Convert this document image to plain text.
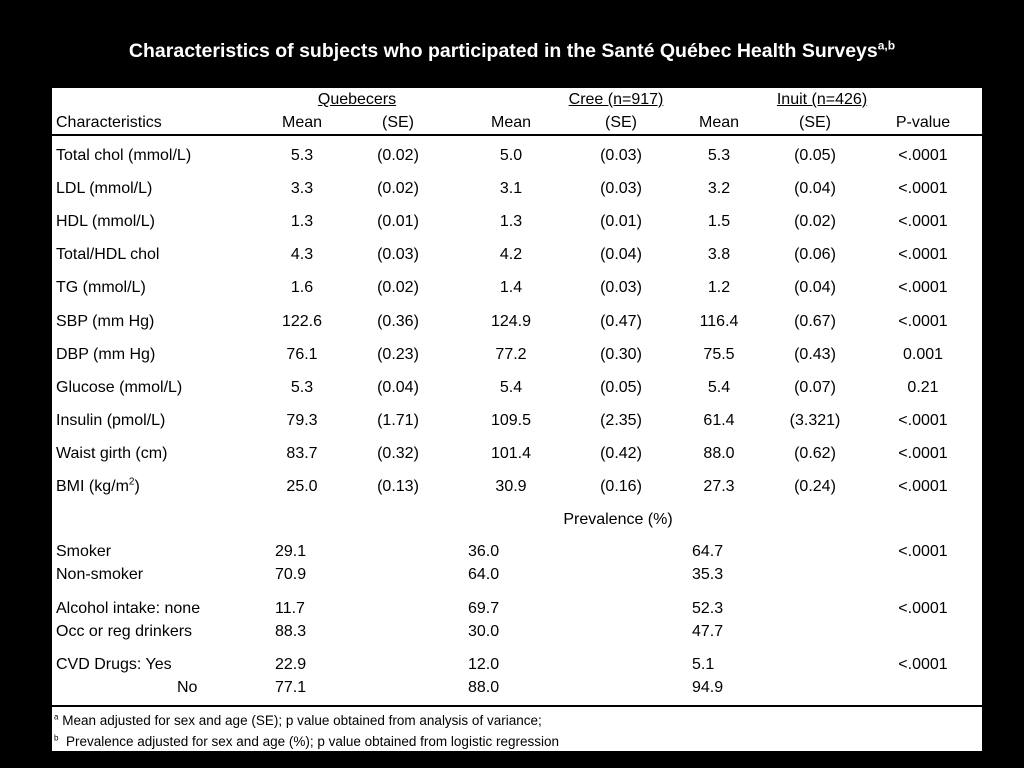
Characteristics of subjects who participated in the Santé Québec Health Surveys$^{a,b}$
Quebecers	Cree (n=917)	Inuit (n=426)
Characteristics	Mean	(SE)	Mean	(SE)	Mean	(SE)	P-value
Total chol (mmol/L)	5.3	(0.02)	5.0	(0.03)	5.3	(0.05)	<.0001
LDL (mmol/L)	3.3	(0.02)	3.1	(0.03)	3.2	(0.04)	<.0001
HDL (mmol/L)	1.3	(0.01)	1.3	(0.01)	1.5	(0.02)	<.0001
Total/HDL chol	4.3	(0.03)	4.2	(0.04)	3.8	(0.06)	<.0001
TG (mmol/L)	1.6	(0.02)	1.4	(0.03)	1.2	(0.04)	<.0001
SBP (mm Hg)	122.6	(0.36)	124.9	(0.47)	116.4	(0.67)	<.0001
DBP (mm Hg)	76.1	(0.23)	77.2	(0.30)	75.5	(0.43)	0.001
Glucose (mmol/L)	5.3	(0.04)	5.4	(0.05)	5.4	(0.07)	0.21
Insulin (pmol/L)	79.3	(1.71)	109.5	(2.35)	61.4	(3.321)	<.0001
Waist girth (cm)	83.7	(0.32)	101.4	(0.42)	88.0	(0.62)	<.0001
BMI $(kg/m^2)$	25.0	(0.13)	30.9	(0.16)	27.3	(0.24)	<.0001
Prevalence (%)
Smoker	29.1	36.0	64.7	<.0001
Non-smoker	70.9	64.0	35.3
Alcohol intake: none	11.7	69.7	52.3	<.0001
Occ or reg drinkers	88.3	30.0	47.7
CVD Drugs: Yes	22.9	12.0	5.1	<.0001
No	77.1	88.0	94.9
$^a$ Mean adjusted for sex and age (SE); p value obtained from analysis of variance;
$^b$  Prevalence adjusted for sex and age (%); p value obtained from logistic regression
